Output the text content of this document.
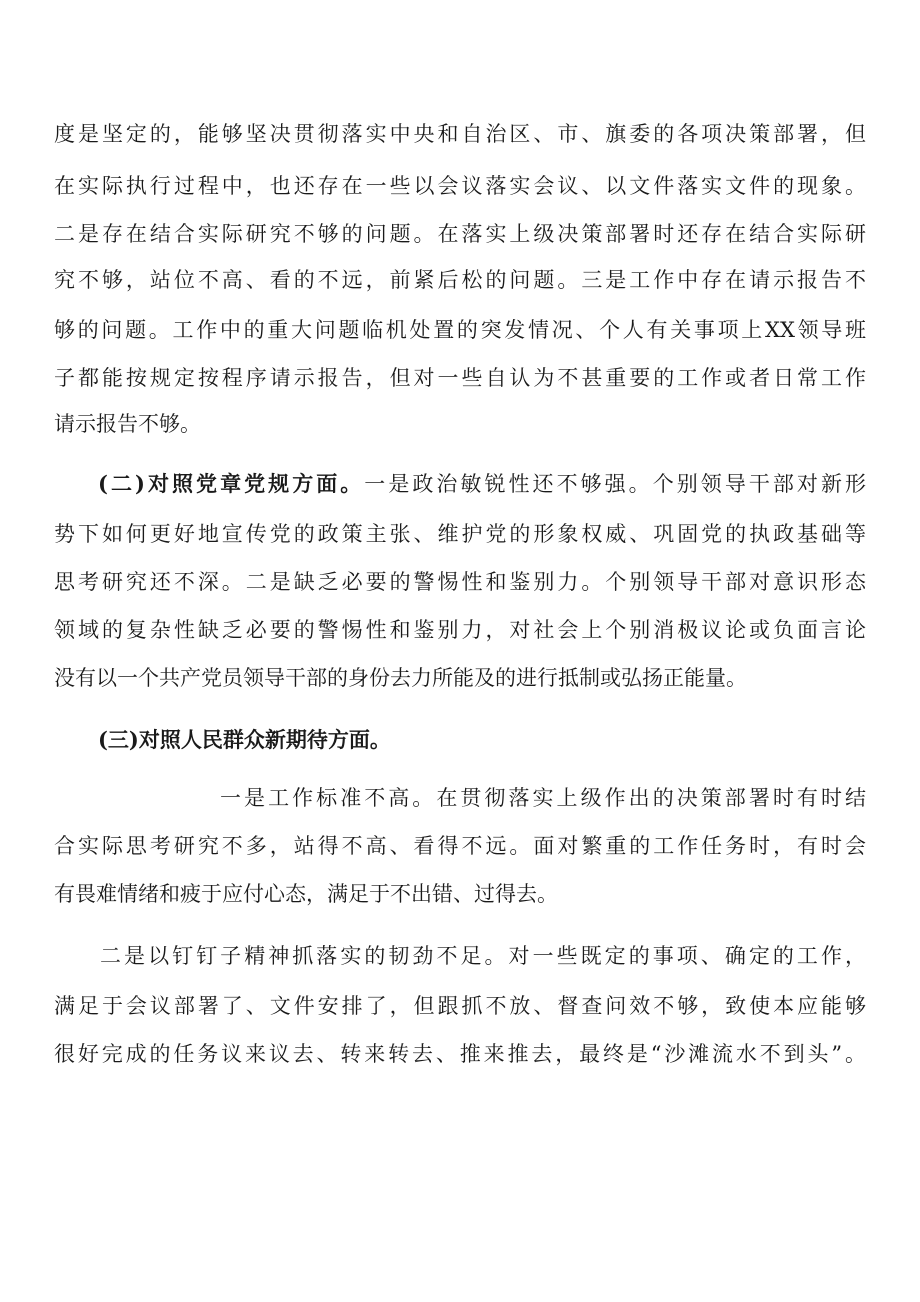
度是坚定的，能够坚决贯彻落实中央和自治区、市、旗委的各项决策部署，但
在实际执行过程中，也还存在一些以会议落实会议、以文件落实文件的现象。
二是存在结合实际研究不够的问题。在落实上级决策部署时还存在结合实际研
究不够，站位不高、看的不远，前紧后松的问题。三是工作中存在请示报告不
够的问题。工作中的重大问题临机处置的突发情况、个人有关事项上XX领导班
子都能按规定按程序请示报告，但对一些自认为不甚重要的工作或者日常工作
请示报告不够。
(二)对照党章党规方面。一是政治敏锐性还不够强。个别领导干部对新形
势下如何更好地宣传党的政策主张、维护党的形象权威、巩固党的执政基础等
思考研究还不深。二是缺乏必要的警惕性和鉴别力。个别领导干部对意识形态
领域的复杂性缺乏必要的警惕性和鉴别力，对社会上个别消极议论或负面言论
没有以一个共产党员领导干部的身份去力所能及的进行抵制或弘扬正能量。
(三)对照人民群众新期待方面。
一是工作标准不高。在贯彻落实上级作出的决策部署时有时结
合实际思考研究不多，站得不高、看得不远。面对繁重的工作任务时，有时会
有畏难情绪和疲于应付心态，满足于不出错、过得去。
二是以钉钉子精神抓落实的韧劲不足。对一些既定的事项、确定的工作，
满足于会议部署了、文件安排了，但跟抓不放、督查问效不够，致使本应能够
很好完成的任务议来议去、转来转去、推来推去，最终是“沙滩流水不到头”。
